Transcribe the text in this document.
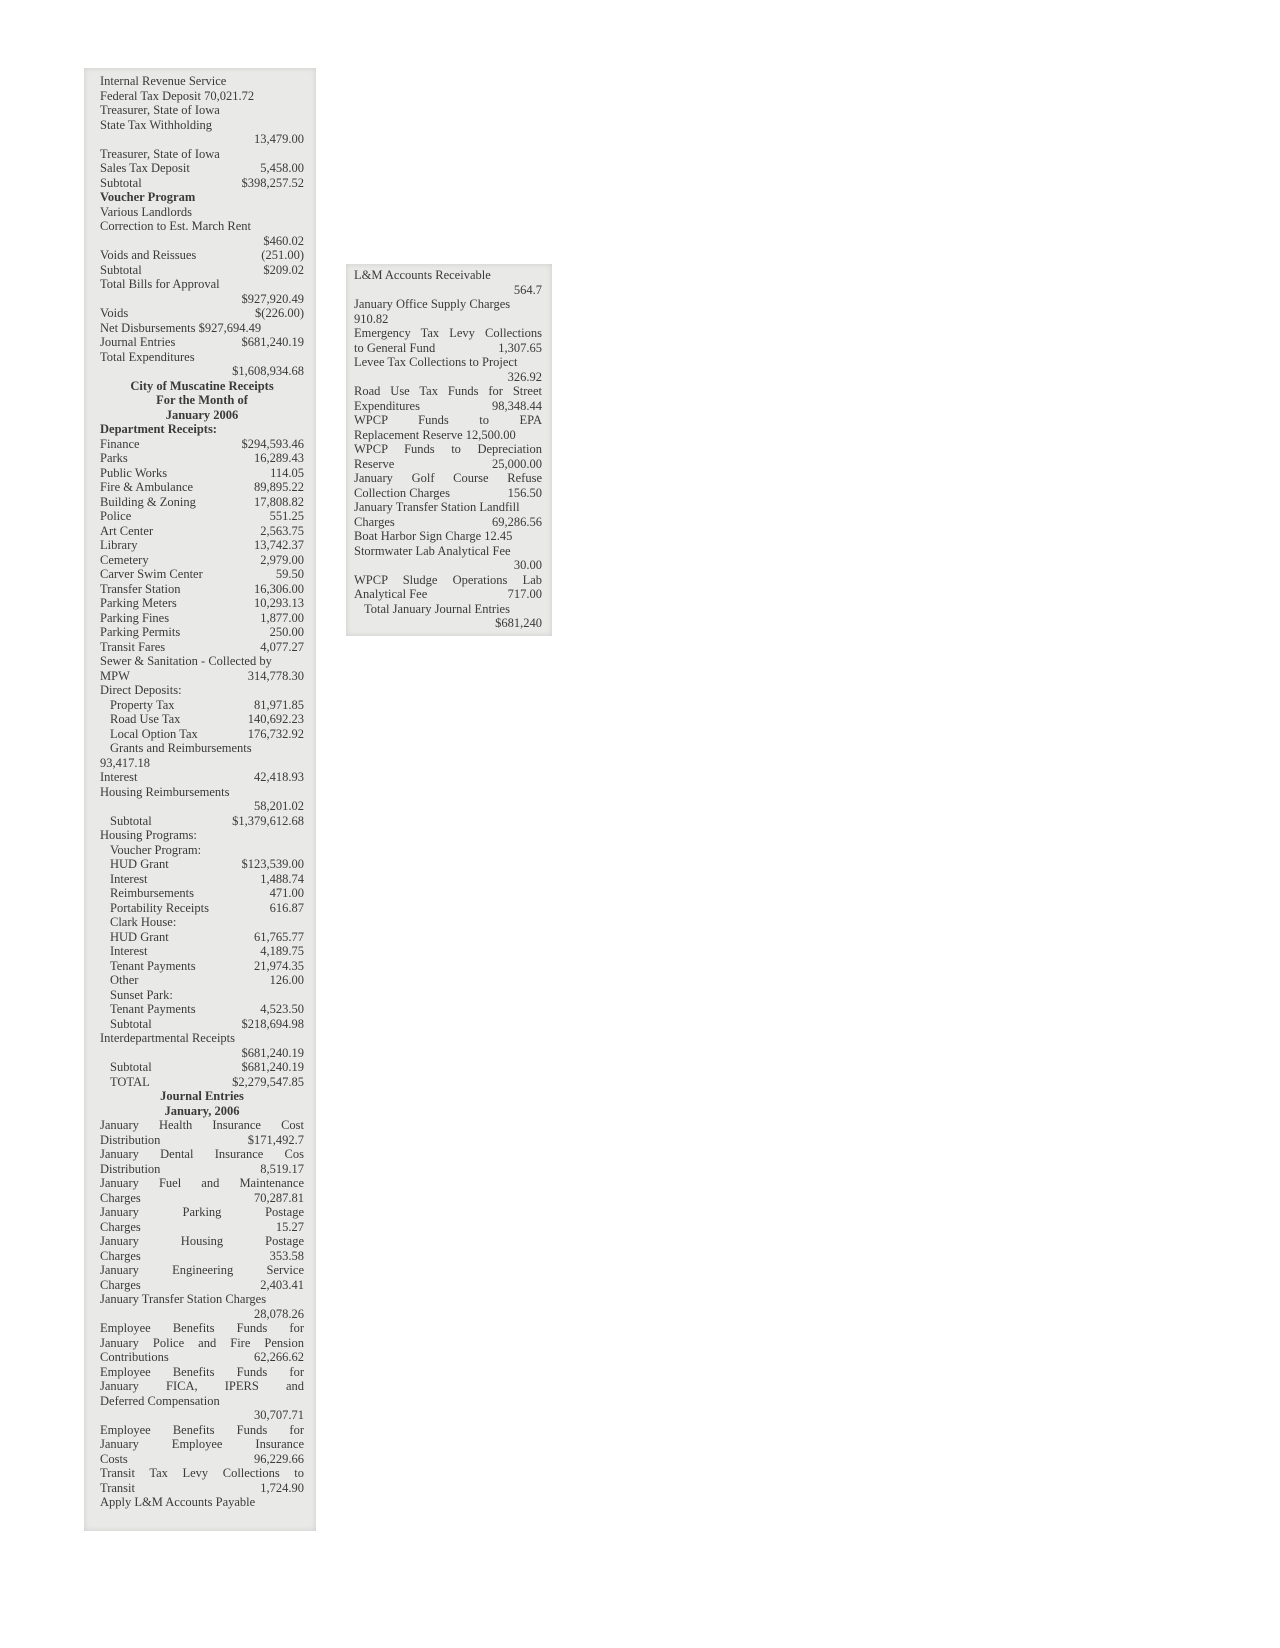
Internal Revenue Service
Federal Tax Deposit 70,021.72
Treasurer, State of Iowa
State Tax Withholding
13,479.00
Treasurer, State of Iowa
Sales Tax Deposit	5,458.00
Subtotal	$398,257.52
Voucher Program
Various Landlords
Correction to Est. March Rent
$460.02
Voids and Reissues	(251.00)
Subtotal	$209.02
Total Bills for Approval
$927,920.49
Voids	$(226.00)
Net Disbursements $927,694.49
Journal Entries	$681,240.19
Total Expenditures
$1,608,934.68
City of Muscatine Receipts
For the Month of
January 2006
Department Receipts:
Finance	$294,593.46
Parks	16,289.43
Public Works	114.05
Fire & Ambulance	89,895.22
Building & Zoning	17,808.82
Police	551.25
Art Center	2,563.75
Library	13,742.37
Cemetery	2,979.00
Carver Swim Center	59.50
Transfer Station	16,306.00
Parking Meters	10,293.13
Parking Fines	1,877.00
Parking Permits	250.00
Transit Fares	4,077.27
Sewer & Sanitation - Collected by
MPW	314,778.30
Direct Deposits:
Property Tax	81,971.85
Road Use Tax	140,692.23
Local Option Tax	176,732.92
Grants and Reimbursements
93,417.18
Interest	42,418.93
Housing Reimbursements
58,201.02
Subtotal	$1,379,612.68
Housing Programs:
Voucher Program:
HUD Grant	$123,539.00
Interest	1,488.74
Reimbursements	471.00
Portability Receipts	616.87
Clark House:
HUD Grant	61,765.77
Interest	4,189.75
Tenant Payments	21,974.35
Other	126.00
Sunset Park:
Tenant Payments	4,523.50
Subtotal	$218,694.98
Interdepartmental Receipts
$681,240.19
Subtotal	$681,240.19
TOTAL	$2,279,547.85
Journal Entries
January, 2006
January Health Insurance Cost
Distribution	$171,492.7
January Dental Insurance Cos
Distribution	8,519.17
January Fuel and Maintenance
Charges	70,287.81
January Parking Postage
Charges	15.27
January Housing Postage
Charges	353.58
January Engineering Service
Charges	2,403.41
January Transfer Station Charges
28,078.26
Employee Benefits Funds for
January Police and Fire Pension
Contributions	62,266.62
Employee Benefits Funds for
January FICA, IPERS and
Deferred Compensation
30,707.71
Employee Benefits Funds for
January Employee Insurance
Costs	96,229.66
Transit Tax Levy Collections to
Transit	1,724.90
Apply L&M Accounts Payable
L&M Accounts Receivable
564.7
January Office Supply Charges
910.82
Emergency Tax Levy Collections
to General Fund	1,307.65
Levee Tax Collections to Project
326.92
Road Use Tax Funds for Street
Expenditures	98,348.44
WPCP Funds to EPA
Replacement Reserve 12,500.00
WPCP Funds to Depreciation
Reserve	25,000.00
January Golf Course Refuse
Collection Charges	156.50
January Transfer Station Landfill
Charges	69,286.56
Boat Harbor Sign Charge 12.45
Stormwater Lab Analytical Fee
30.00
WPCP Sludge Operations Lab
Analytical Fee	717.00
Total January Journal Entries
$681,240
